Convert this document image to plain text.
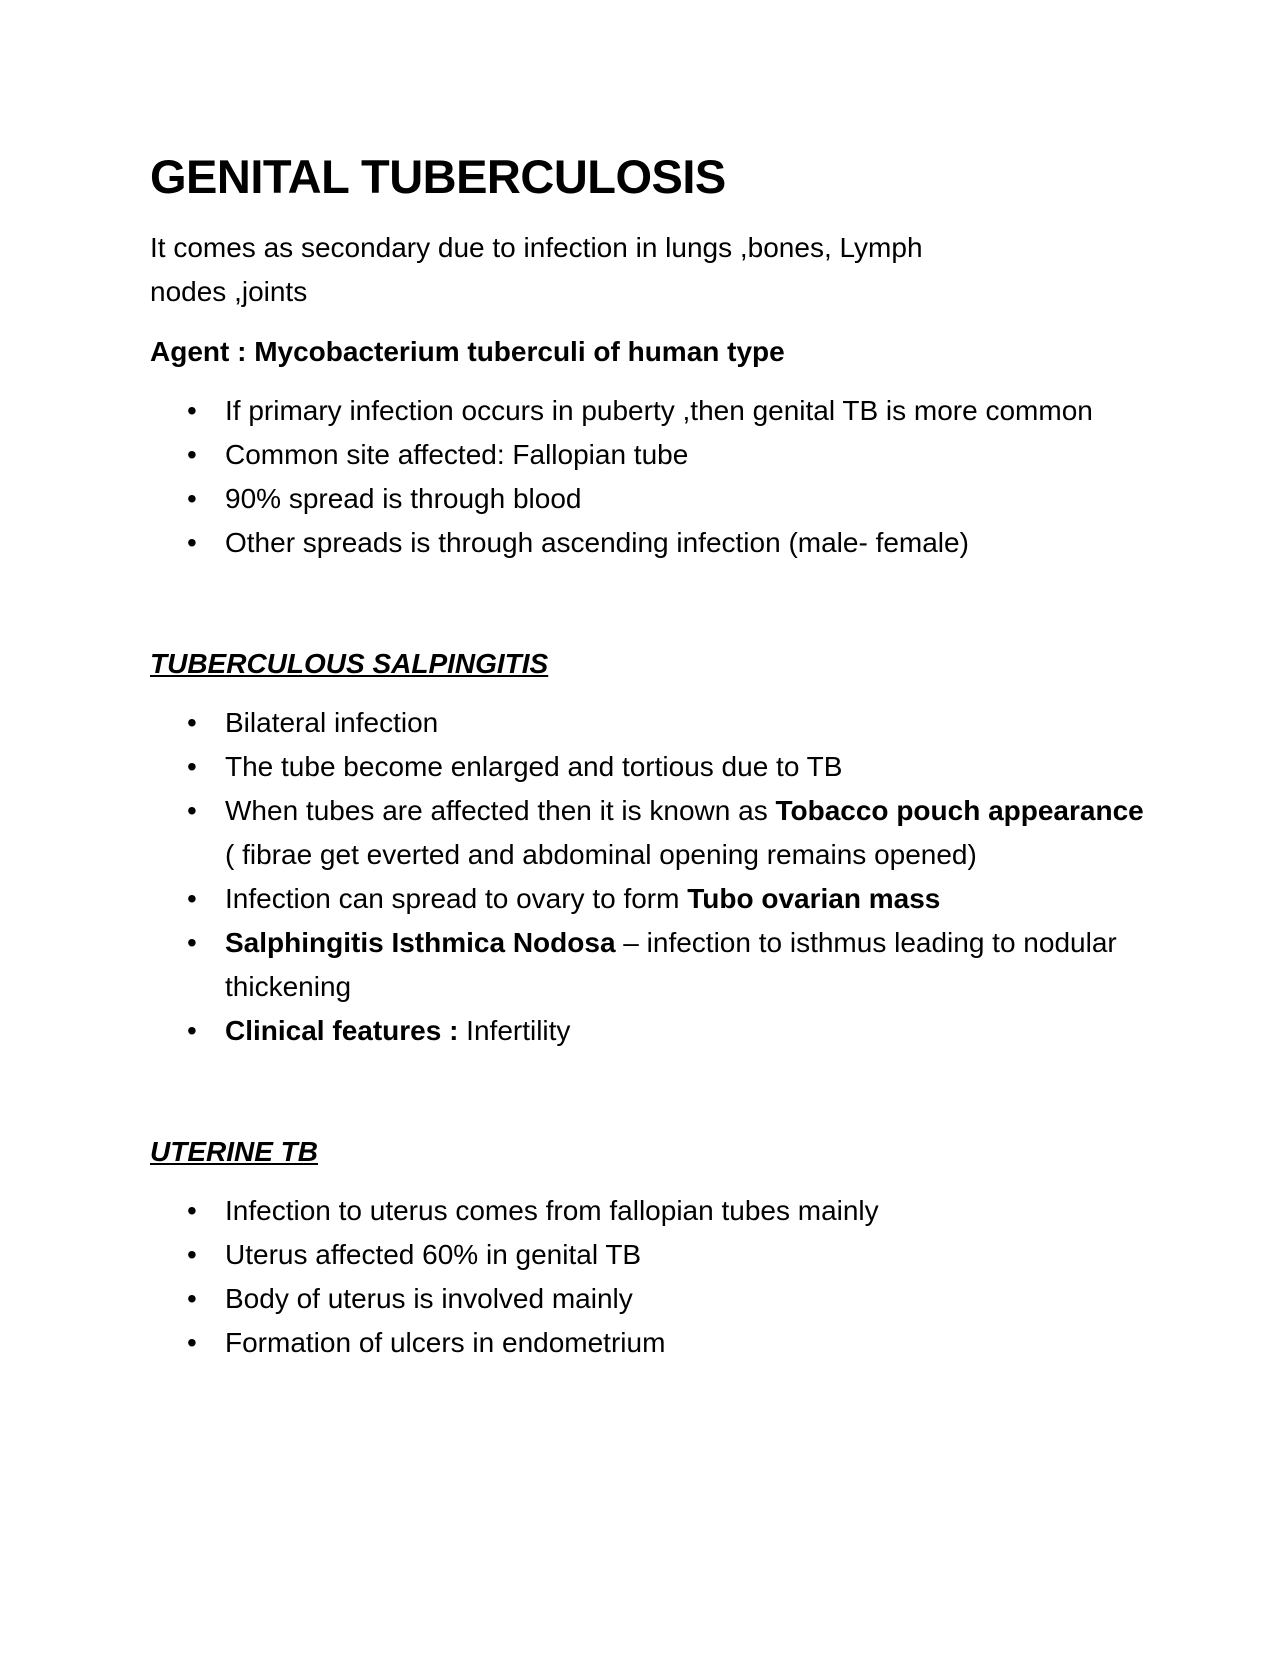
GENITAL TUBERCULOSIS

It comes as secondary due to infection in lungs ,bones, Lymph nodes ,joints

Agent : Mycobacterium tuberculi of human type

• If primary infection occurs in puberty ,then genital TB is more common
• Common site affected: Fallopian tube
• 90% spread is through blood
• Other spreads is through ascending infection (male- female)
TUBERCULOUS SALPINGITIS
• Bilateral infection
• The tube become enlarged and tortious due to TB
• When tubes are affected then it is known as Tobacco pouch appearance ( fibrae get everted and abdominal opening remains opened)
• Infection can spread to ovary to form Tubo ovarian mass
• Salphingitis Isthmica Nodosa – infection to isthmus leading to nodular thickening
• Clinical features : Infertility
UTERINE TB
• Infection to uterus comes from fallopian tubes mainly
• Uterus affected 60% in genital TB
• Body of uterus is involved mainly
• Formation of ulcers in endometrium
